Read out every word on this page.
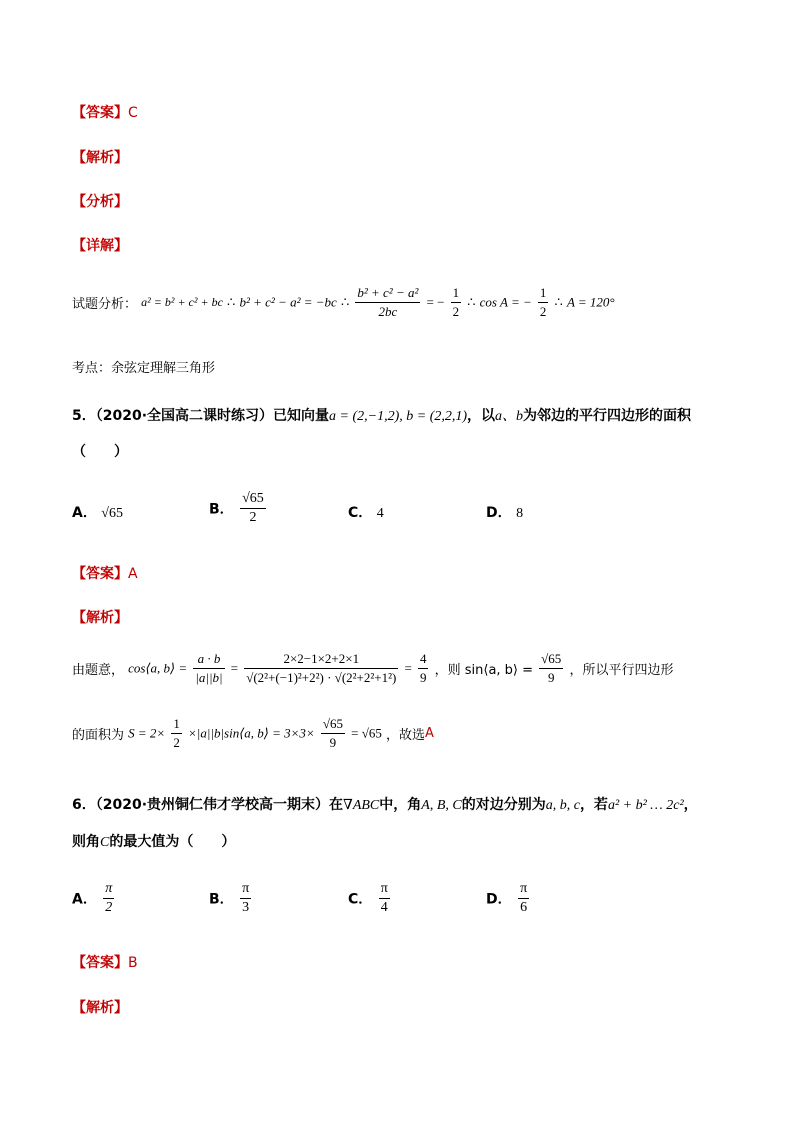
【答案】C
【解析】
【分析】
【详解】
试题分析： a² = b² + c² + bc ∴ b² + c² − a² = −bc ∴ $\frac{\text{b² + c² − a²}}{2bc}$ = − $\frac{1}{2}$ ∴ cos A = − $\frac{1}{2}$ ∴ A = 120°
考点：余弦定理解三角形
5．（2020·全国高二课时练习）已知向量a = (2,−1,2), b = (2,2,1)，以a、b为邻边的平行四边形的面积
（　　）
A． √65	B． $\frac{√65}{2}$	C． 4	D． 8
【答案】A
【解析】
由题意， cos⟨a, b⟩ = $\frac{a \cdot b}{|a||b|} = \frac{2\times 2-1\times 2+2\times 1}{\text{√(2²+(−1)²+2²) · √(2²+2²+1²)}} = \frac{4}{9}$ ，则 sin⟨a, b⟩ = $\frac{√65}{9}$ ，所以平行四边形
的面积为 $S = 2\times \frac{1}{2}$ ×|a||b|sin⟨a, b⟩ = $3\times 3\times \frac{√65}{9} = √65$ ，故选A
6．（2020·贵州铜仁伟才学校高一期末）在∇ABC中，角A, B, C的对边分别为a, b, c，若a² + b² … 2c²，
则角C的最大值为（　　）
A． $\frac{\pi}{2}$	B． $\frac{\pi}{3}$	C． $\frac{\pi}{4}$	D． $\frac{\pi}{6}$
【答案】B
【解析】
